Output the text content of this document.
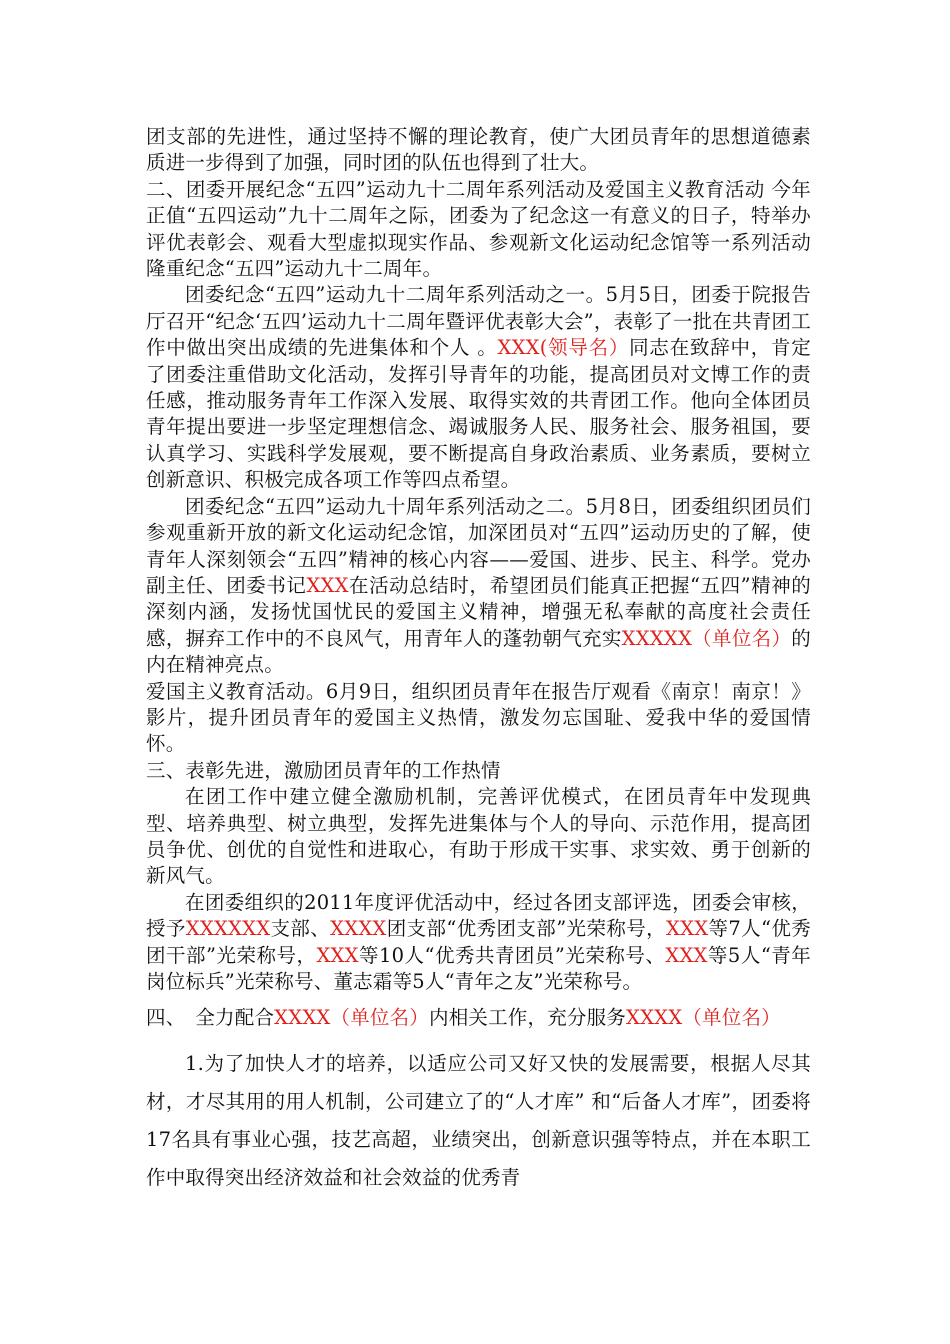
团支部的先进性，通过坚持不懈的理论教育，使广大团员青年的思想道德素质进一步得到了加强，同时团的队伍也得到了壮大。

二、团委开展纪念“五四”运动九十二周年系列活动及爱国主义教育活动 今年正值“五四运动”九十二周年之际，团委为了纪念这一有意义的日子，特举办评优表彰会、观看大型虚拟现实作品、参观新文化运动纪念馆等一系列活动隆重纪念“五四”运动九十二周年。

团委纪念“五四”运动九十二周年系列活动之一。5月5日，团委于院报告厅召开“纪念‘五四’运动九十二周年暨评优表彰大会”，表彰了一批在共青团工作中做出突出成绩的先进集体和个人 。XXX(领导名）同志在致辞中，肯定了团委注重借助文化活动，发挥引导青年的功能，提高团员对文博工作的责任感，推动服务青年工作深入发展、取得实效的共青团工作。他向全体团员青年提出要进一步坚定理想信念、竭诚服务人民、服务社会、服务祖国，要认真学习、实践科学发展观，要不断提高自身政治素质、业务素质，要树立创新意识、积极完成各项工作等四点希望。

团委纪念“五四”运动九十周年系列活动之二。5月8日，团委组织团员们参观重新开放的新文化运动纪念馆，加深团员对“五四”运动历史的了解，使青年人深刻领会“五四”精神的核心内容——爱国、进步、民主、科学。党办副主任、团委书记XXX在活动总结时，希望团员们能真正把握“五四”精神的深刻内涵，发扬忧国忧民的爱国主义精神，增强无私奉献的高度社会责任感，摒弃工作中的不良风气，用青年人的蓬勃朝气充实XXXXX（单位名）的内在精神亮点。

爱国主义教育活动。6月9日，组织团员青年在报告厅观看《南京！南京！》影片，提升团员青年的爱国主义热情，激发勿忘国耻、爱我中华的爱国情怀。

三、表彰先进，激励团员青年的工作热情

在团工作中建立健全激励机制，完善评优模式，在团员青年中发现典型、培养典型、树立典型，发挥先进集体与个人的导向、示范作用，提高团员争优、创优的自觉性和进取心，有助于形成干实事、求实效、勇于创新的新风气。

在团委组织的2011年度评优活动中，经过各团支部评选，团委会审核，授予XXXXXX支部、XXXX团支部“优秀团支部”光荣称号，XXX等7人“优秀团干部”光荣称号，XXX等10人“优秀共青团员”光荣称号、XXX等5人“青年岗位标兵”光荣称号、董志霜等5人“青年之友”光荣称号。

四、　全力配合XXXX（单位名）内相关工作，充分服务XXXX（单位名）

1.为了加快人才的培养，以适应公司又好又快的发展需要，根据人尽其材，才尽其用的用人机制，公司建立了的“人才库” 和“后备人才库”，团委将17名具有事业心强，技艺高超，业绩突出，创新意识强等特点，并在本职工作中取得突出经济效益和社会效益的优秀青
